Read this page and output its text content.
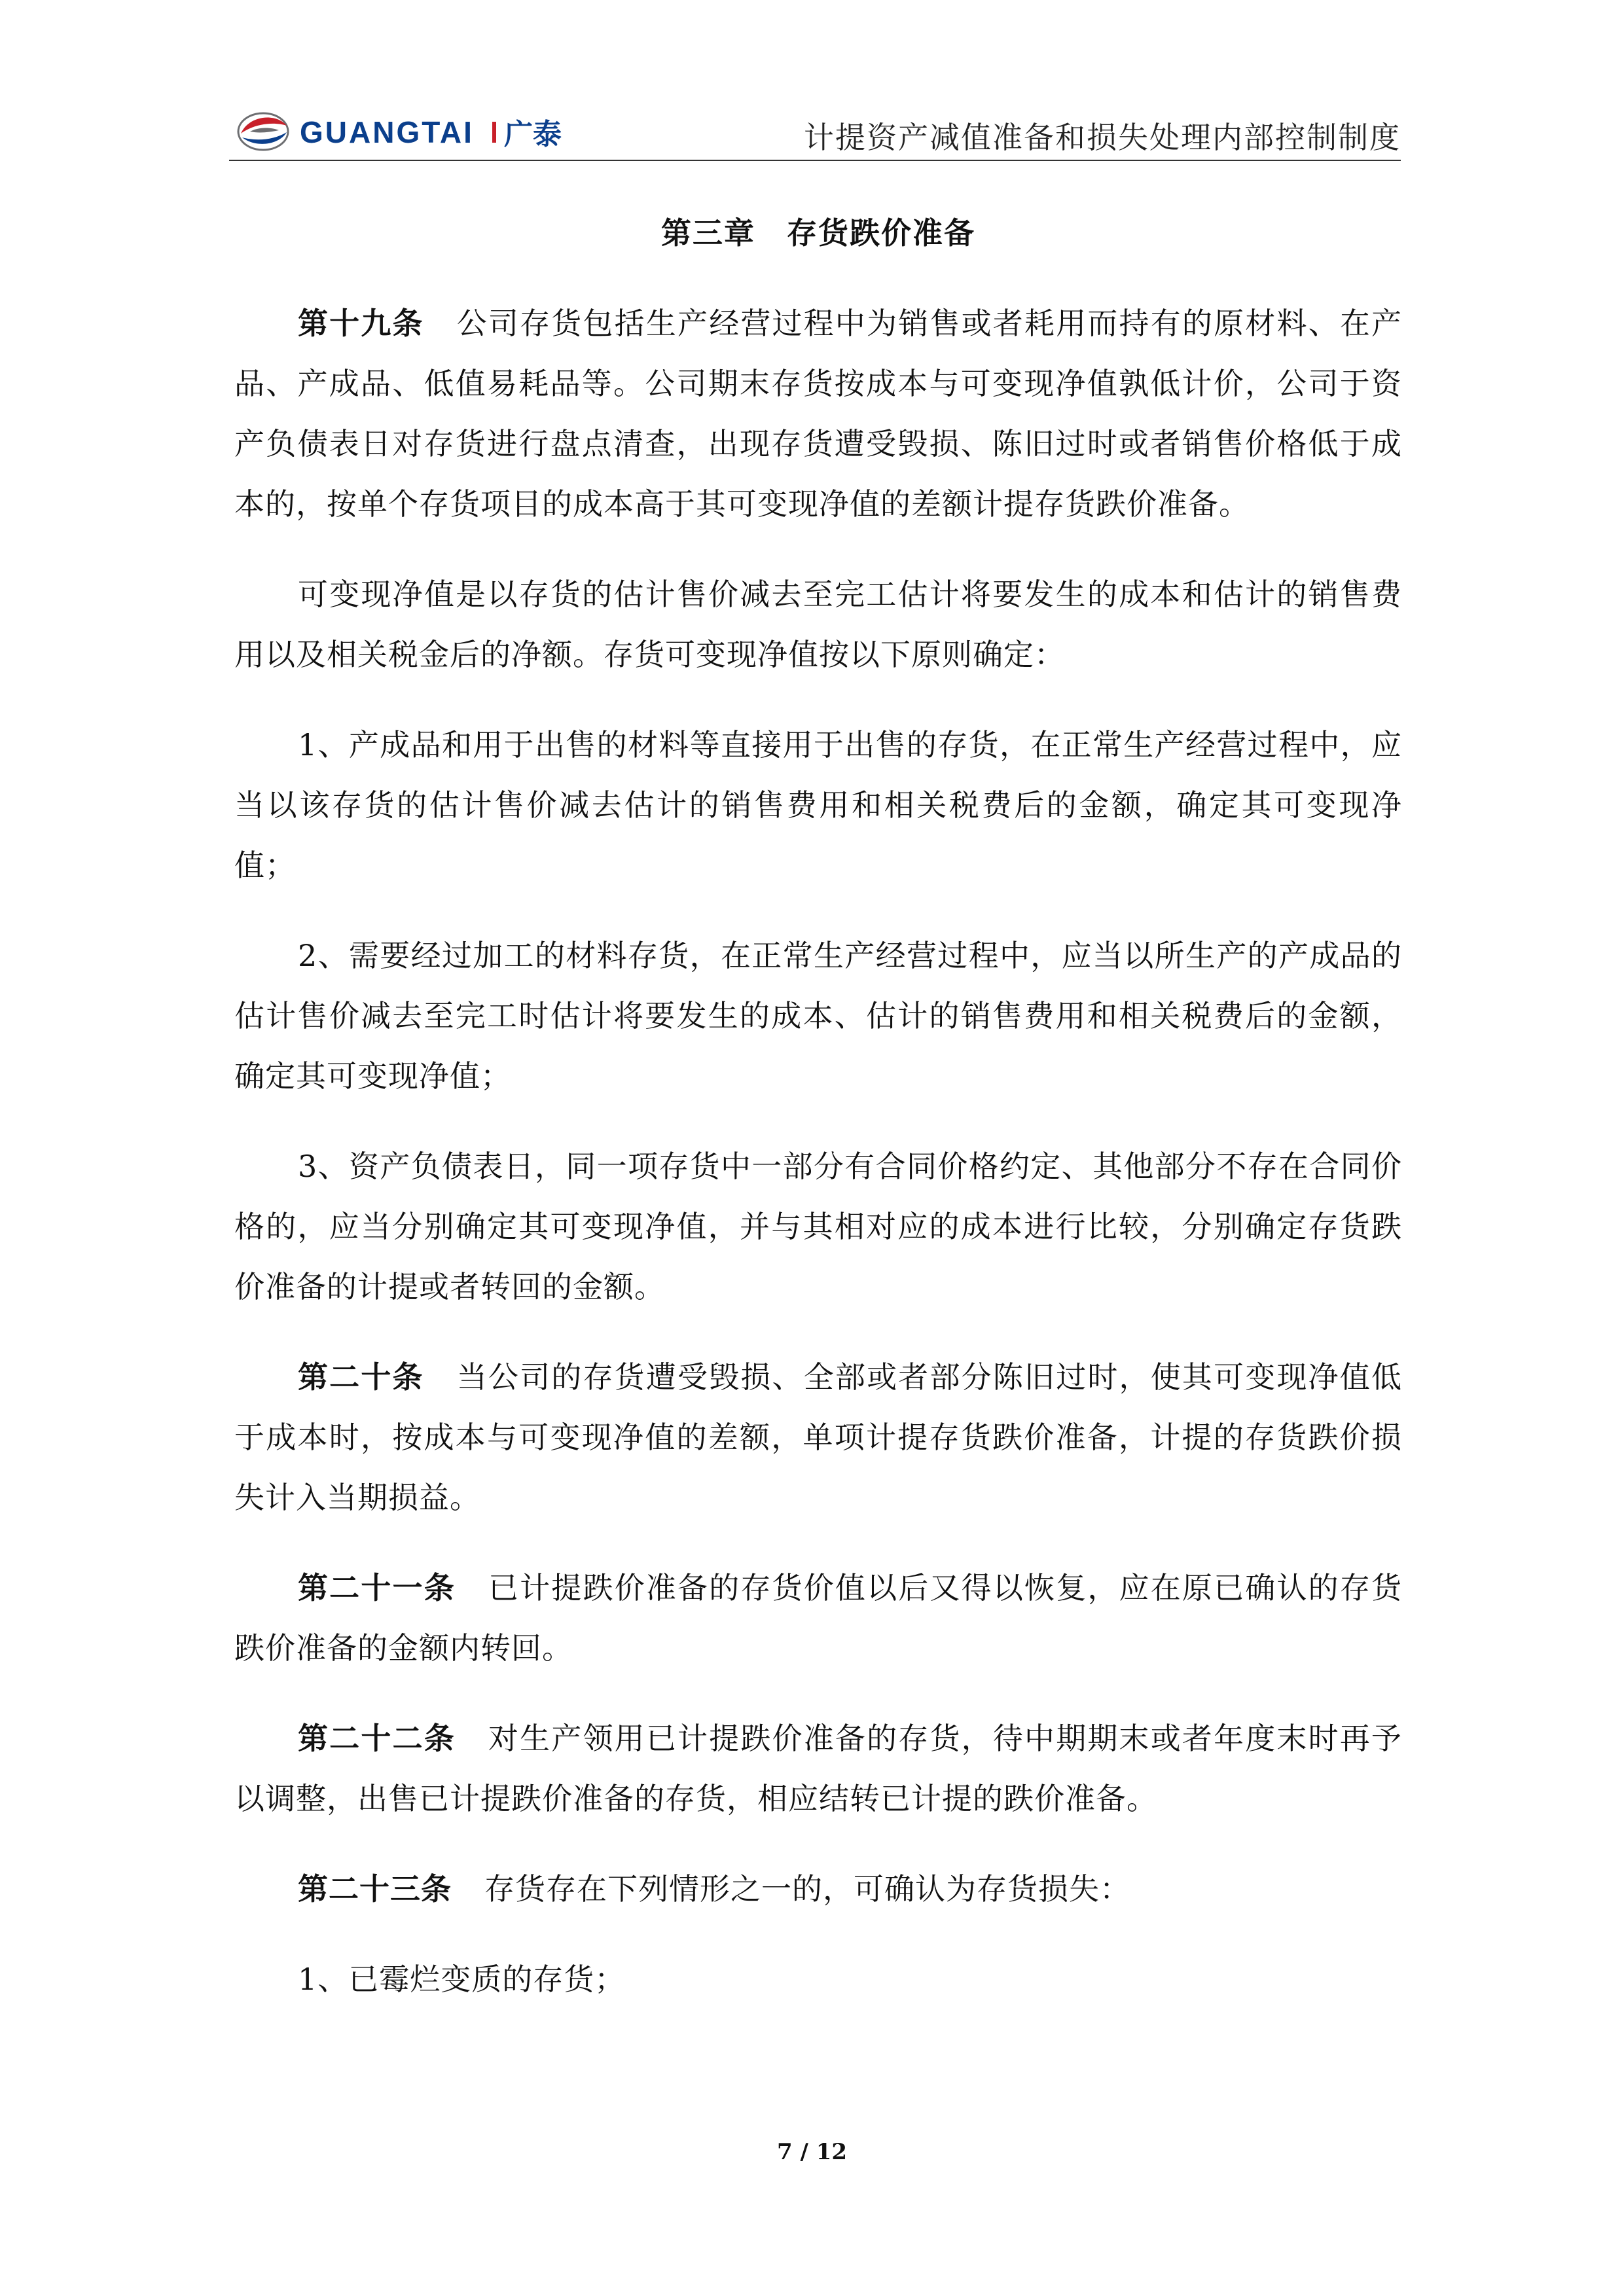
GUANGTAI 广泰	计提资产减值准备和损失处理内部控制制度
第三章　存货跌价准备

第十九条 公司存货包括生产经营过程中为销售或者耗用而持有的原材料、在产品、产成品、低值易耗品等。公司期末存货按成本与可变现净值孰低计价，公司于资产负债表日对存货进行盘点清查，出现存货遭受毁损、陈旧过时或者销售价格低于成本的，按单个存货项目的成本高于其可变现净值的差额计提存货跌价准备。

可变现净值是以存货的估计售价减去至完工估计将要发生的成本和估计的销售费用以及相关税金后的净额。存货可变现净值按以下原则确定：

1、产成品和用于出售的材料等直接用于出售的存货，在正常生产经营过程中，应当以该存货的估计售价减去估计的销售费用和相关税费后的金额，确定其可变现净值；

2、需要经过加工的材料存货，在正常生产经营过程中，应当以所生产的产成品的估计售价减去至完工时估计将要发生的成本、估计的销售费用和相关税费后的金额，确定其可变现净值；

3、资产负债表日，同一项存货中一部分有合同价格约定、其他部分不存在合同价格的，应当分别确定其可变现净值，并与其相对应的成本进行比较，分别确定存货跌价准备的计提或者转回的金额。

第二十条 当公司的存货遭受毁损、全部或者部分陈旧过时，使其可变现净值低于成本时，按成本与可变现净值的差额，单项计提存货跌价准备，计提的存货跌价损失计入当期损益。

第二十一条 已计提跌价准备的存货价值以后又得以恢复，应在原已确认的存货跌价准备的金额内转回。

第二十二条 对生产领用已计提跌价准备的存货，待中期期末或者年度末时再予以调整，出售已计提跌价准备的存货，相应结转已计提的跌价准备。

第二十三条 存货存在下列情形之一的，可确认为存货损失：

1、已霉烂变质的存货；

7 / 12
